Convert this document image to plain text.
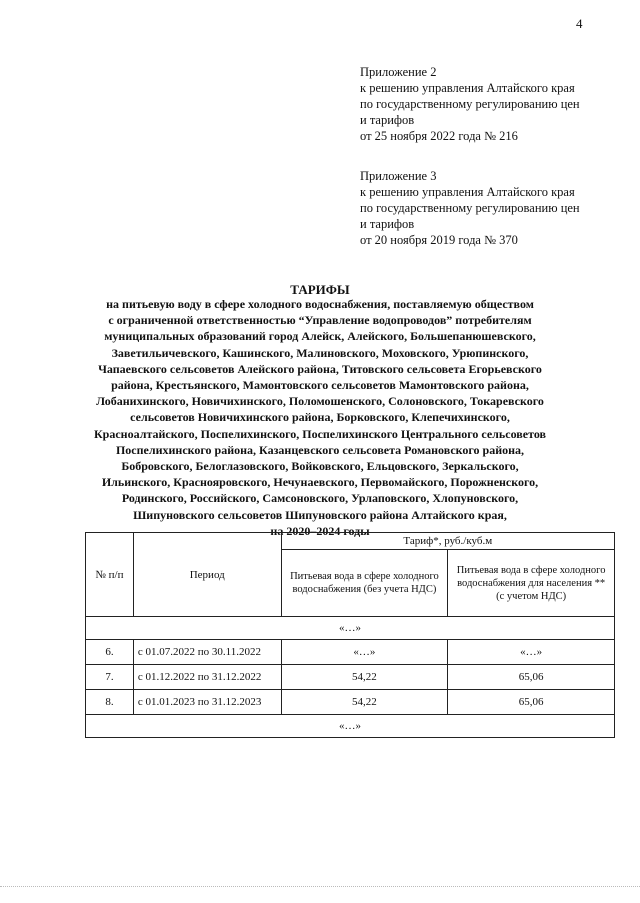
4
Приложение 2
к решению управления Алтайского края
по государственному регулированию цен
и тарифов
от 25 ноября 2022 года № 216
Приложение 3
к решению управления Алтайского края
по государственному регулированию цен
и тарифов
от 20 ноября 2019 года № 370
ТАРИФЫ
на питьевую воду в сфере холодного водоснабжения, поставляемую обществом
с ограниченной ответственностью “Управление водопроводов” потребителям
муниципальных образований город Алейск, Алейского, Большепанюшевского,
Заветильичевского, Кашинского, Малиновского, Моховского, Урюпинского,
Чапаевского сельсоветов Алейского района, Титовского сельсовета Егорьевского
района, Крестьянского, Мамонтовского сельсоветов Мамонтовского района,
Лобанихинского, Новичихинского, Поломошенского, Солоновского, Токаревского
сельсоветов Новичихинского района, Борковского, Клепечихинского,
Красноалтайского, Поспелихинского, Поспелихинского Центрального сельсоветов
Поспелихинского района, Казанцевского сельсовета Романовского района,
Бобровского, Белоглазовского, Войковского, Ельцовского, Зеркальского,
Ильинского, Краснояровского, Нечунаевского, Первомайского, Порожненского,
Родинского, Российского, Самсоновского, Урлаповского, Хлопуновского,
Шипуновского сельсоветов Шипуновского района Алтайского края,
на 2020–2024 годы
№ п/п	Период	Тариф*, руб./куб.м	
		Питьевая вода в сфере холодного водоснабжения (без учета НДС)	Питьевая вода в сфере холодного водоснабжения для населения ** (с учетом НДС)
«…»			
6.	с 01.07.2022 по 30.11.2022	«…»	«…»
7.	с 01.12.2022 по 31.12.2022	54,22	65,06
8.	с 01.01.2023 по 31.12.2023	54,22	65,06
«…»			
